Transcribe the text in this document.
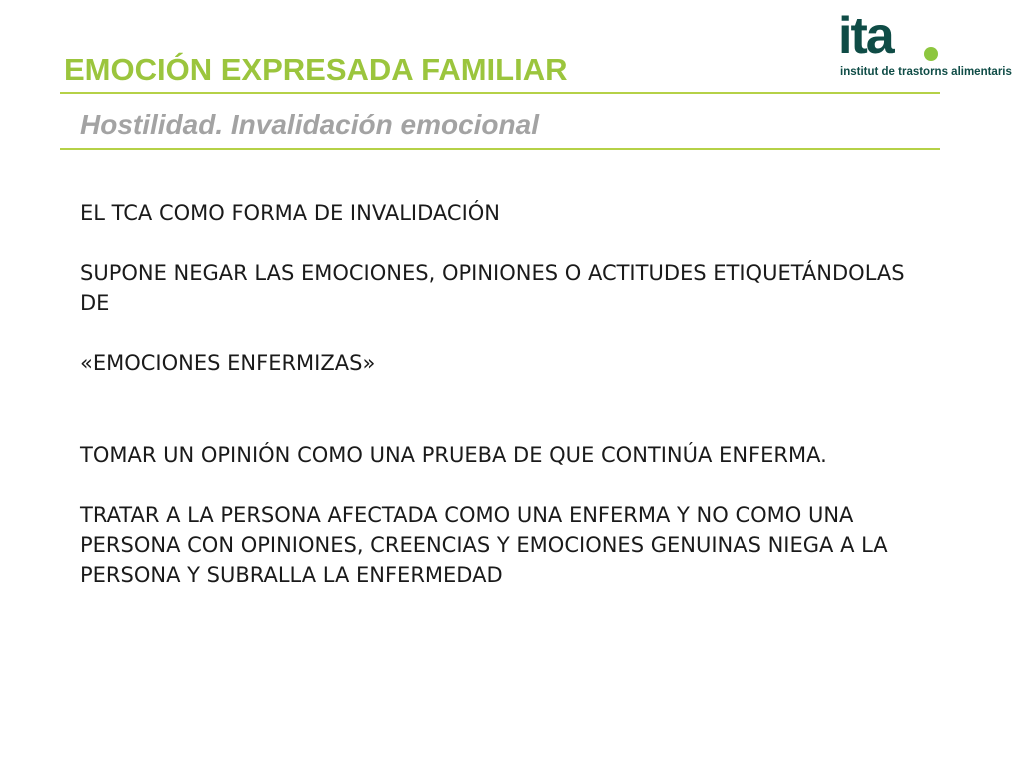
EMOCIÓN EXPRESADA FAMILIAR
Hostilidad. Invalidación emocional
ita
institut de trastorns alimentaris

EL TCA COMO FORMA DE INVALIDACIÓN

SUPONE NEGAR LAS EMOCIONES, OPINIONES O ACTITUDES ETIQUETÁNDOLAS DE

«EMOCIONES ENFERMIZAS»

TOMAR UN OPINIÓN COMO UNA PRUEBA DE QUE CONTINÚA ENFERMA.

TRATAR A LA PERSONA AFECTADA COMO UNA ENFERMA Y NO COMO UNA PERSONA CON OPINIONES, CREENCIAS Y EMOCIONES GENUINAS NIEGA A LA PERSONA Y SUBRALLA LA ENFERMEDAD
